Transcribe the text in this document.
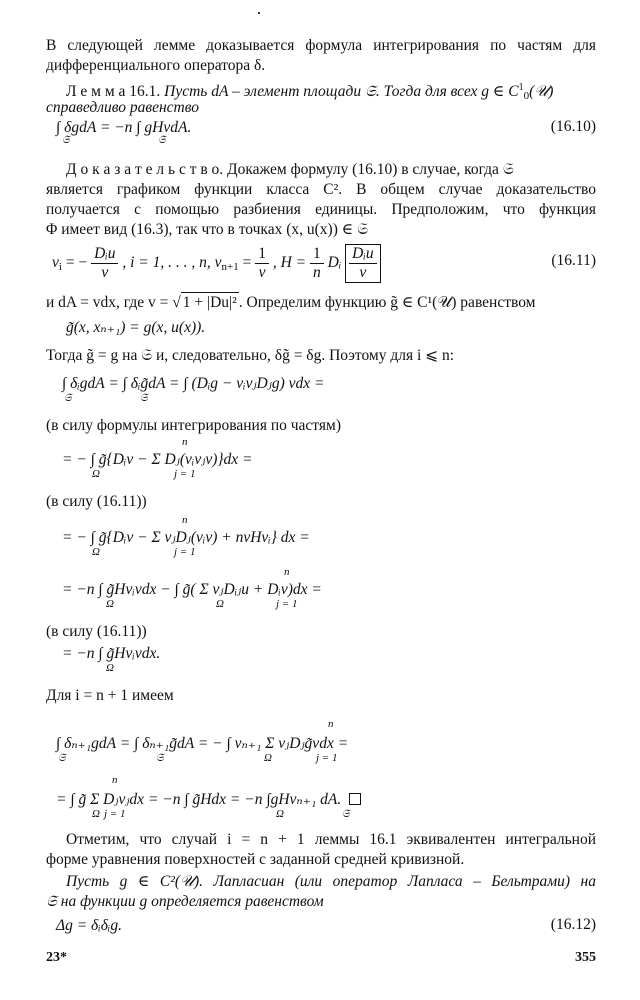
В следующей лемме доказывается формула интегрирования по частям для
дифференциального оператора δ.
Л е м м а 16.1. Пусть dA – элемент площади 𝔖. Тогда для всех g ∈ $C^1_0(𝒰)$
справедливо равенство
∫ δgdA = −n ∫ gHνdA.
𝔖	𝔖
(16.10)
Д о к а з а т е л ь с т в о. Докажем формулу (16.10) в случае, когда 𝔖
является графиком функции класса C². В общем случае доказательство
получается с помощью разбиения единицы. Предположим, что функция
Φ имеет вид (16.3), так что в точках (x, u(x)) ∈ 𝔖
$\nu_i$ = − $\frac{\text{Dᵢu}}{v}$ , i = 1, . . . , n, $\nu_{n+1} = \frac{1}{v}$ , $H = \frac{1}{n}$ Dᵢ $\frac{\text{Dᵢu}}{v}$	(16.11)
и dA = vdx, где v = √ 1 + |Du|² . Определим функцию g̃ ∈ C¹(𝒰) равенством
g̃(x, xₙ₊₁) = g(x, u(x)).
Тогда g̃ = g на 𝔖 и, следовательно, δg̃ = δg. Поэтому для i ⩽ n:
∫ δᵢgdA = ∫ δᵢg̃dA = ∫ (Dᵢg − νᵢνⱼDⱼg) vdx =
𝔖	𝔖
(в силу формулы интегрирования по частям)
n
= − ∫ g̃{Dᵢv − Σ Dⱼ(νᵢνⱼv)}dx =
Ω	j = 1
(в силу (16.11))
n
= − ∫ g̃{Dᵢv − Σ νⱼDⱼ(νᵢv) + nνHνᵢ} dx =
Ω	j = 1
n
= −n ∫ g̃Hνᵢvdx − ∫ g̃( Σ νⱼDᵢⱼu + Dᵢv)dx =
Ω	Ω	j = 1
(в силу (16.11))
= −n ∫ g̃Hνᵢvdx.
Ω
Для i = n + 1 имеем
n
∫ δₙ₊₁gdA = ∫ δₙ₊₁g̃dA = − ∫ νₙ₊₁ Σ νⱼDⱼg̃vdx =
𝔖	𝔖	Ω	j = 1
n
= ∫ g̃ Σ Dⱼνⱼdx = −n ∫ g̃Hdx = −n ∫gHνₙ₊₁ dA.
Ω j = 1	Ω	𝔖
Отметим, что случай i = n + 1 леммы 16.1 эквивалентен интегральной
форме уравнения поверхностей с заданной средней кривизной.
Пусть g ∈ C²(𝒰). Лапласиан (или оператор Лапласа – Бельтрами) на
𝔖 на функции g определяется равенством
Δg = δᵢδᵢg.	(16.12)
23*	355
